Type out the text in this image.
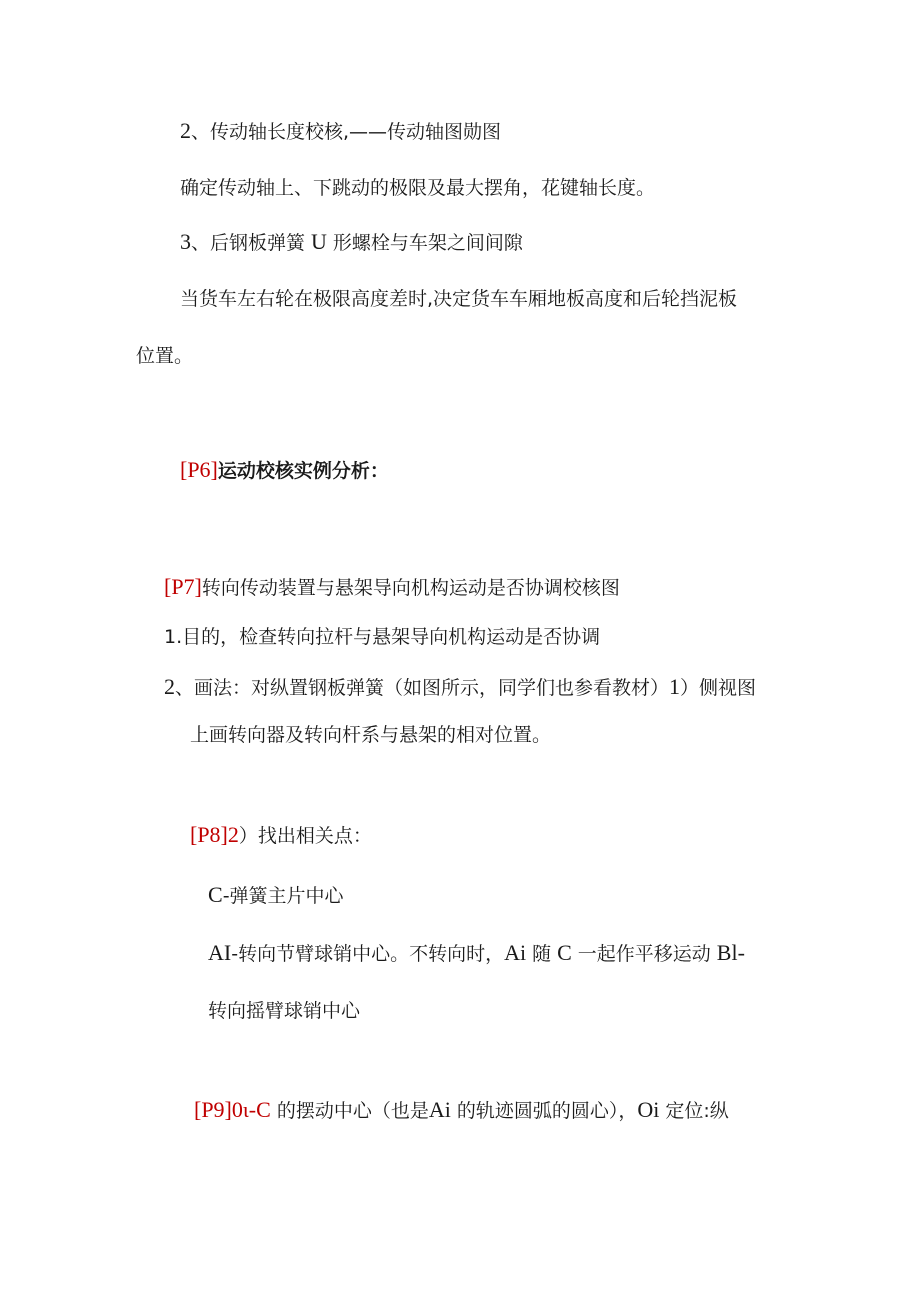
2、传动轴长度校核,——传动轴图勋图
确定传动轴上、下跳动的极限及最大摆角，花键轴长度。
3、后钢板弹簧 U 形螺栓与车架之间间隙
当货车左右轮在极限高度差时,决定货车车厢地板高度和后轮挡泥板
位置。
[P6]运动校核实例分析：
[P7]转向传动装置与悬架导向机构运动是否协调校核图
1.目的，检查转向拉杆与悬架导向机构运动是否协调
2、画法：对纵置钢板弹簧（如图所示，同学们也参看教材）1）侧视图
上画转向器及转向杆系与悬架的相对位置。
[P8]2）找出相关点：
C-弹簧主片中心
AI-转向节臂球销中心。不转向时，Ai 随 C 一起作平移运动 Bl-
转向摇臂球销中心
[P9]0ι-C 的摆动中心（也是Ai 的轨迹圆弧的圆心），Oi 定位:纵
